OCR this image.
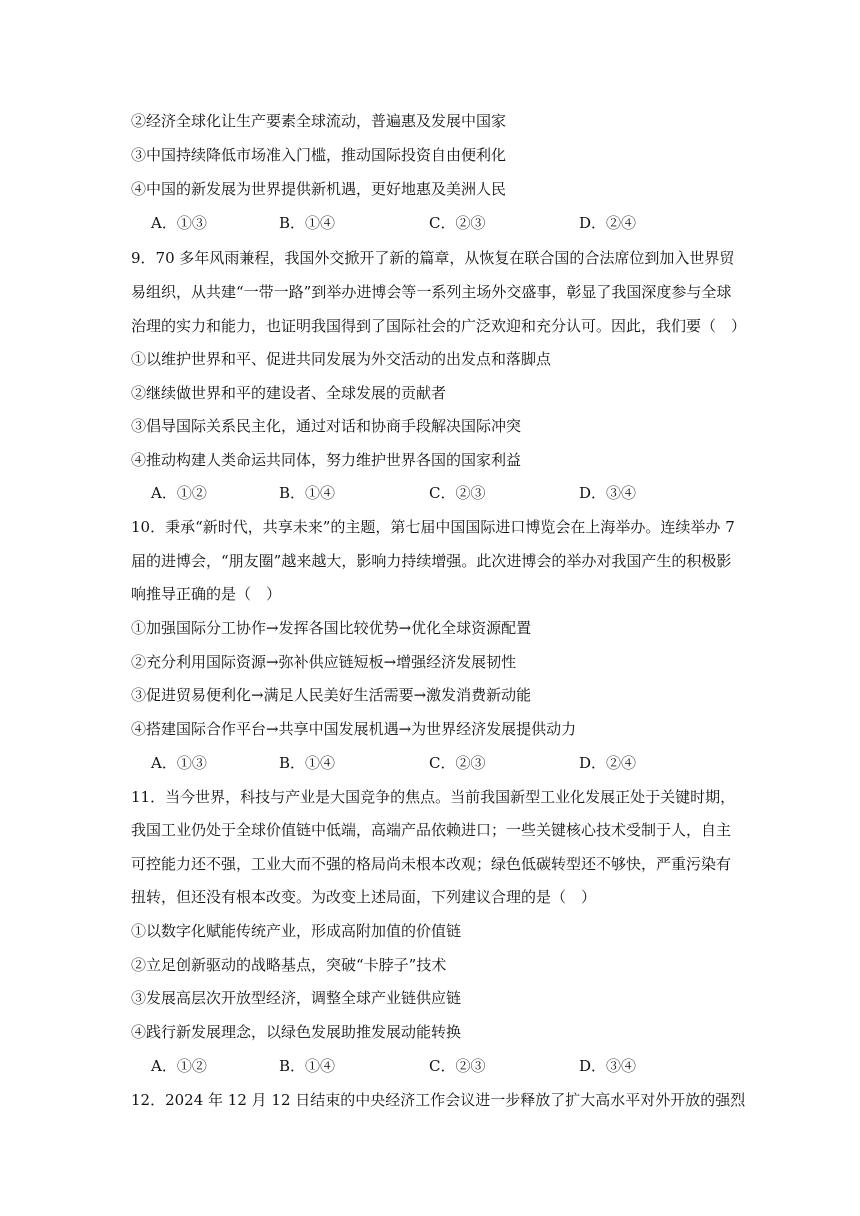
②经济全球化让生产要素全球流动，普遍惠及发展中国家
③中国持续降低市场准入门槛，推动国际投资自由便利化
④中国的新发展为世界提供新机遇，更好地惠及美洲人民
A．①③	B．①④	C．②③	D．②④
9．70 多年风雨兼程，我国外交掀开了新的篇章，从恢复在联合国的合法席位到加入世界贸
易组织，从共建“一带一路”到举办进博会等一系列主场外交盛事，彰显了我国深度参与全球
治理的实力和能力，也证明我国得到了国际社会的广泛欢迎和充分认可。因此，我们要（　）
①以维护世界和平、促进共同发展为外交活动的出发点和落脚点
②继续做世界和平的建设者、全球发展的贡献者
③倡导国际关系民主化，通过对话和协商手段解决国际冲突
④推动构建人类命运共同体，努力维护世界各国的国家利益
A．①②	B．①④	C．②③	D．③④
10．秉承“新时代，共享未来”的主题，第七届中国国际进口博览会在上海举办。连续举办 7
届的进博会，“朋友圈”越来越大，影响力持续增强。此次进博会的举办对我国产生的积极影
响推导正确的是（　）
①加强国际分工协作→发挥各国比较优势→优化全球资源配置
②充分利用国际资源→弥补供应链短板→增强经济发展韧性
③促进贸易便利化→满足人民美好生活需要→激发消费新动能
④搭建国际合作平台→共享中国发展机遇→为世界经济发展提供动力
A．①③	B．①④	C．②③	D．②④
11．当今世界，科技与产业是大国竞争的焦点。当前我国新型工业化发展正处于关键时期，
我国工业仍处于全球价值链中低端，高端产品依赖进口；一些关键核心技术受制于人，自主
可控能力还不强，工业大而不强的格局尚未根本改观；绿色低碳转型还不够快，严重污染有
扭转，但还没有根本改变。为改变上述局面，下列建议合理的是（　）
①以数字化赋能传统产业，形成高附加值的价值链
②立足创新驱动的战略基点，突破“卡脖子”技术
③发展高层次开放型经济，调整全球产业链供应链
④践行新发展理念，以绿色发展助推发展动能转换
A．①②	B．①④	C．②③	D．③④
12．2024 年 12 月 12 日结束的中央经济工作会议进一步释放了扩大高水平对外开放的强烈
